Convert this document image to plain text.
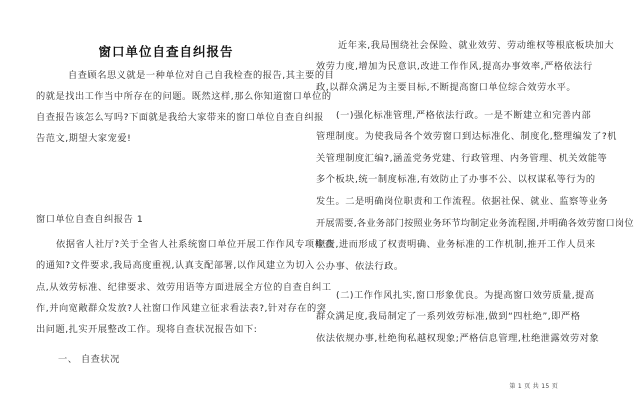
窗口单位自查自纠报告
自查顾名思义就是一种单位对自己自我检查的报告,其主要的目
的就是找出工作当中所存在的问题。既然这样,那么你知道窗口单位的
自查报告该怎么写吗?下面就是我给大家带来的窗口单位自查自纠报
告范文,期望大家宠爱!
窗口单位自查自纠报告 1
依据省人社厅?关于全省人社系统窗口单位开展工作作风专项检查
的通知?文件要求,我局高度重视,认真支配部署,以作风建立为切入
点,从效劳标准、纪律要求、效劳用语等方面进展全方位的自查自纠工
作,并向宽敞群众发放?人社窗口作风建立征求看法表?,针对存在的突
出问题,扎实开展整改工作。现将自查状况报告如下:
一、 自查状况
近年来,我局围绕社会保险、就业效劳、劳动维权等根底板块加大
效劳力度,增加为民意识,改进工作作风,提高办事效率,严格依法行
政,以群众满足为主要目标,不断提高窗口单位综合效劳水平。
(一)强化标准管理,严格依法行政。一是不断建立和完善内部
管理制度。为使我局各个效劳窗口到达标准化、制度化,整理编发了?机
关管理制度汇编?,涵盖党务党建、行政管理、内务管理、机关效能等
多个板块,统一制度标准,有效防止了办事不公、以权谋私等行为的
发生。二是明确岗位职责和工作流程。依据社保、就业、监察等业务
开展需要,各业务部门按照业务环节均制定业务流程图,并明确各效劳窗口岗位
职责,进而形成了权责明确、业务标准的工作机制,推开工作人员来
公办事、依法行政。
(二)工作作风扎实,窗口形象优良。为提高窗口效劳质量,提高
群众满足度,我局制定了一系列效劳标准,做到“四杜绝”,即严格
依法依规办事,杜绝徇私越权现象;严格信息管理,杜绝泄露效劳对象
第 1 页 共 15 页
